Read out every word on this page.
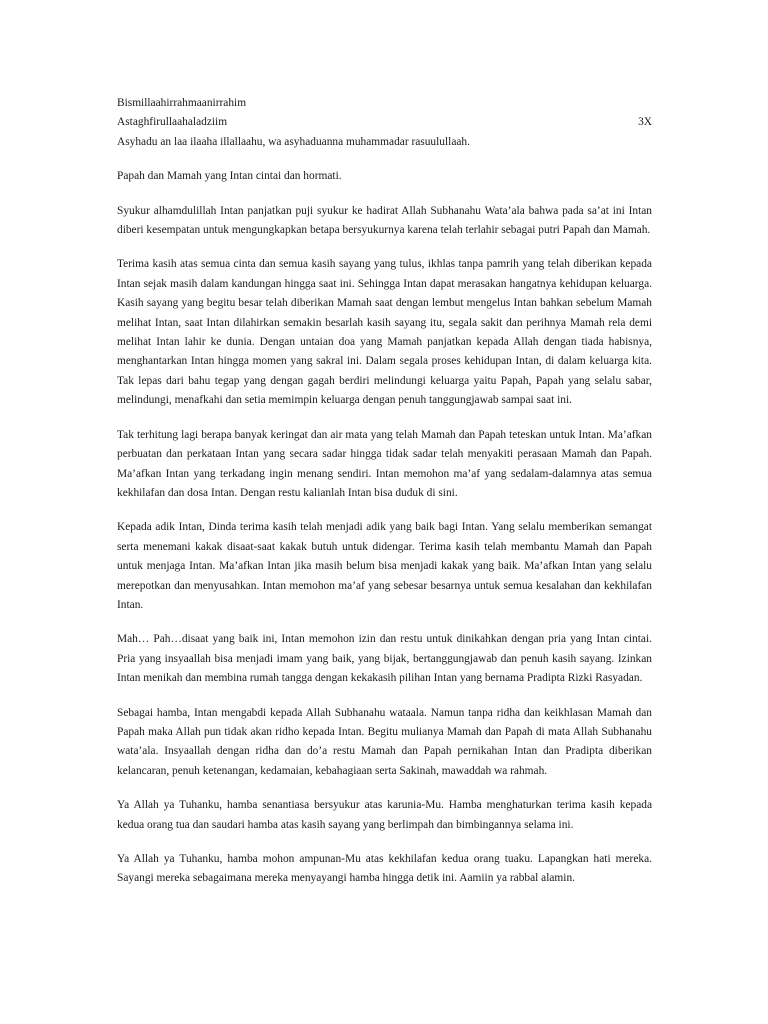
Bismillaahirrahmaanirrahim

Astaghfirullaahaladziim	3X

Asyhadu an laa ilaaha illallaahu, wa asyhaduanna muhammadar rasuulullaah.

Papah dan Mamah yang Intan cintai dan hormati.

Syukur alhamdulillah Intan panjatkan puji syukur ke hadirat Allah Subhanahu Wata’ala bahwa pada sa’at ini Intan diberi kesempatan untuk mengungkapkan betapa bersyukurnya karena telah terlahir sebagai putri Papah dan Mamah.

Terima kasih atas semua cinta dan semua kasih sayang yang tulus, ikhlas tanpa pamrih yang telah diberikan kepada Intan sejak masih dalam kandungan hingga saat ini. Sehingga Intan dapat merasakan hangatnya kehidupan keluarga. Kasih sayang yang begitu besar telah diberikan Mamah saat dengan lembut mengelus Intan bahkan sebelum Mamah melihat Intan, saat Intan dilahirkan semakin besarlah kasih sayang itu, segala sakit dan perihnya Mamah rela demi melihat Intan lahir ke dunia. Dengan untaian doa yang Mamah panjatkan kepada Allah dengan tiada habisnya, menghantarkan Intan hingga momen yang sakral ini. Dalam segala proses kehidupan Intan, di dalam keluarga kita. Tak lepas dari bahu tegap yang dengan gagah berdiri melindungi keluarga yaitu Papah, Papah yang selalu sabar, melindungi, menafkahi dan setia memimpin keluarga dengan penuh tanggungjawab sampai saat ini.

Tak terhitung lagi berapa banyak keringat dan air mata yang telah Mamah dan Papah teteskan untuk Intan. Ma’afkan perbuatan dan perkataan Intan yang secara sadar hingga tidak sadar telah menyakiti perasaan Mamah dan Papah. Ma’afkan Intan yang terkadang ingin menang sendiri. Intan memohon ma’af yang sedalam-dalamnya atas semua kekhilafan dan dosa Intan. Dengan restu kalianlah Intan bisa duduk di sini.

Kepada adik Intan, Dinda terima kasih telah menjadi adik yang baik bagi Intan. Yang selalu memberikan semangat serta menemani kakak disaat-saat kakak butuh untuk didengar. Terima kasih telah membantu Mamah dan Papah untuk menjaga Intan. Ma’afkan Intan jika masih belum bisa menjadi kakak yang baik. Ma’afkan Intan yang selalu merepotkan dan menyusahkan. Intan memohon ma’af yang sebesar besarnya untuk semua kesalahan dan kekhilafan Intan.

Mah… Pah…disaat yang baik ini, Intan memohon izin dan restu untuk dinikahkan dengan pria yang Intan cintai. Pria yang insyaallah bisa menjadi imam yang baik, yang bijak, bertanggungjawab dan penuh kasih sayang. Izinkan Intan menikah dan membina rumah tangga dengan kekakasih pilihan Intan yang bernama Pradipta Rizki Rasyadan.

Sebagai hamba, Intan mengabdi kepada Allah Subhanahu wataala. Namun tanpa ridha dan keikhlasan Mamah dan Papah maka Allah pun tidak akan ridho kepada Intan. Begitu mulianya Mamah dan Papah di mata Allah Subhanahu wata’ala. Insyaallah dengan ridha dan do’a restu Mamah dan Papah pernikahan Intan dan Pradipta diberikan kelancaran, penuh ketenangan, kedamaian, kebahagiaan serta Sakinah, mawaddah wa rahmah.

Ya Allah ya Tuhanku, hamba senantiasa bersyukur atas karunia-Mu. Hamba menghaturkan terima kasih kepada kedua orang tua dan saudari hamba atas kasih sayang yang berlimpah dan bimbingannya selama ini.

Ya Allah ya Tuhanku, hamba mohon ampunan-Mu atas kekhilafan kedua orang tuaku. Lapangkan hati mereka. Sayangi mereka sebagaimana mereka menyayangi hamba hingga detik ini. Aamiin ya rabbal alamin.
